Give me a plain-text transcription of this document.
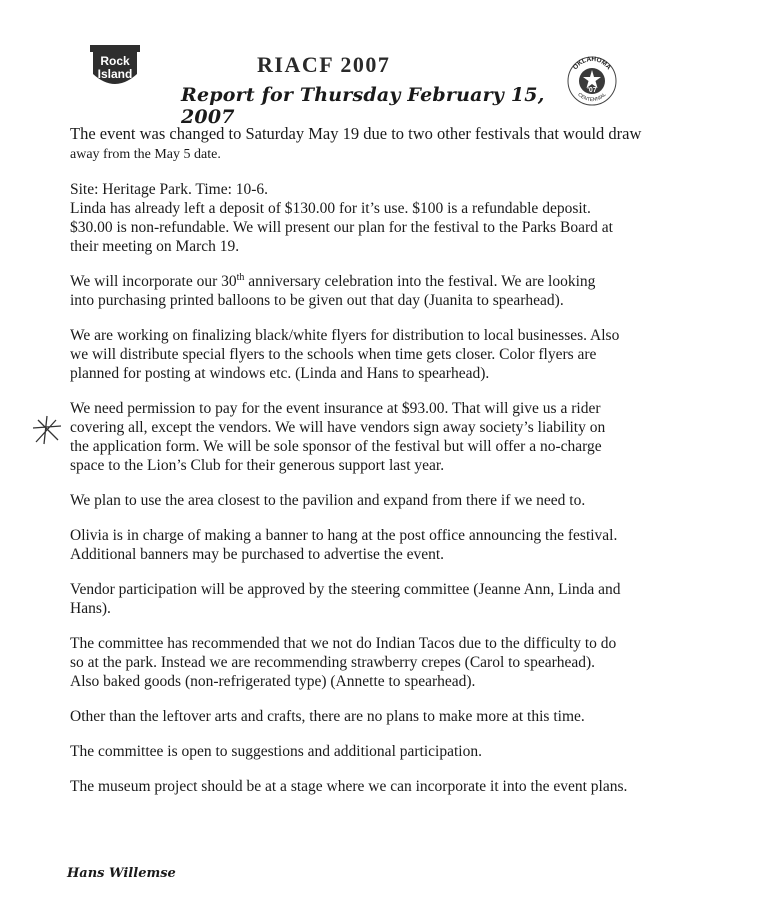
Rock
Island	RIACF 2007
Report for Thursday February 15, 2007
OKLAHOMA
'07
CENTENNIAL

The event was changed to Saturday May 19 due to two other festivals that would draw
away from the May 5 date.

Site: Heritage Park. Time: 10-6.
Linda has already left a deposit of $130.00 for it’s use. $100 is a refundable deposit.
$30.00 is non-refundable. We will present our plan for the festival to the Parks Board at
their meeting on March 19.

We will incorporate our 30th anniversary celebration into the festival. We are looking
into purchasing printed balloons to be given out that day (Juanita to spearhead).

We are working on finalizing black/white flyers for distribution to local businesses. Also
we will distribute special flyers to the schools when time gets closer. Color flyers are
planned for posting at windows etc. (Linda and Hans to spearhead).

We need permission to pay for the event insurance at $93.00. That will give us a rider
covering all, except the vendors. We will have vendors sign away society’s liability on
the application form. We will be sole sponsor of the festival but will offer a no-charge
space to the Lion’s Club for their generous support last year.

We plan to use the area closest to the pavilion and expand from there if we need to.

Olivia is in charge of making a banner to hang at the post office announcing the festival.
Additional banners may be purchased to advertise the event.

Vendor participation will be approved by the steering committee (Jeanne Ann, Linda and
Hans).

The committee has recommended that we not do Indian Tacos due to the difficulty to do
so at the park. Instead we are recommending strawberry crepes (Carol to spearhead).
Also baked goods (non-refrigerated type) (Annette to spearhead).

Other than the leftover arts and crafts, there are no plans to make more at this time.

The committee is open to suggestions and additional participation.

The museum project should be at a stage where we can incorporate it into the event plans.

Hans Willemse
